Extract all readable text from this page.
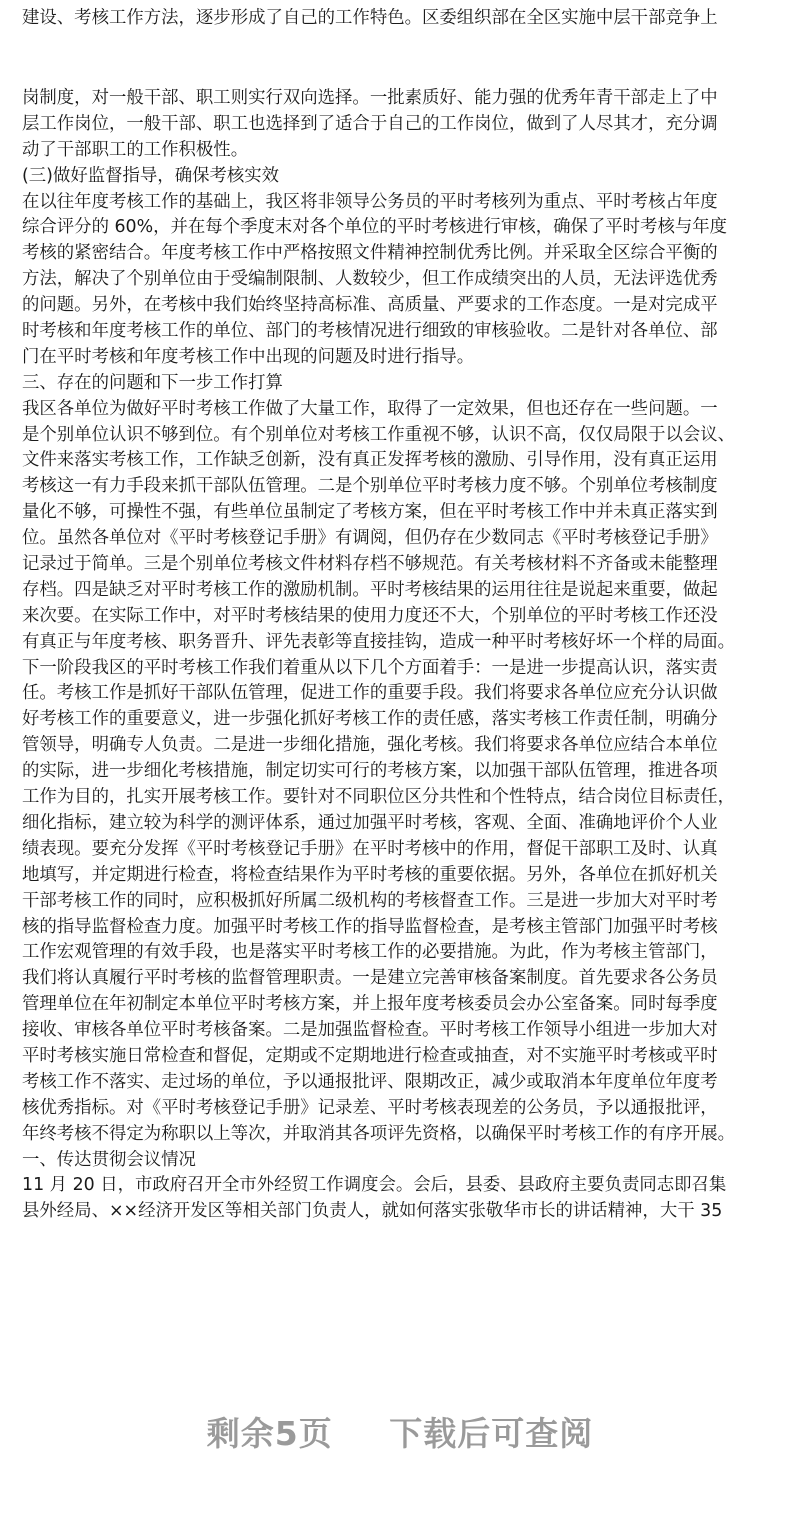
建设、考核工作方法，逐步形成了自己的工作特色。区委组织部在全区实施中层干部竞争上
岗制度，对一般干部、职工则实行双向选择。一批素质好、能力强的优秀年青干部走上了中
层工作岗位，一般干部、职工也选择到了适合于自己的工作岗位，做到了人尽其才，充分调
动了干部职工的工作积极性。
(三)做好监督指导，确保考核实效
在以往年度考核工作的基础上，我区将非领导公务员的平时考核列为重点、平时考核占年度
综合评分的 60%，并在每个季度末对各个单位的平时考核进行审核，确保了平时考核与年度
考核的紧密结合。年度考核工作中严格按照文件精神控制优秀比例。并采取全区综合平衡的
方法，解决了个别单位由于受编制限制、人数较少，但工作成绩突出的人员，无法评选优秀
的问题。另外，在考核中我们始终坚持高标准、高质量、严要求的工作态度。一是对完成平
时考核和年度考核工作的单位、部门的考核情况进行细致的审核验收。二是针对各单位、部
门在平时考核和年度考核工作中出现的问题及时进行指导。
三、存在的问题和下一步工作打算
我区各单位为做好平时考核工作做了大量工作，取得了一定效果，但也还存在一些问题。一
是个别单位认识不够到位。有个别单位对考核工作重视不够，认识不高，仅仅局限于以会议、
文件来落实考核工作，工作缺乏创新，没有真正发挥考核的激励、引导作用，没有真正运用
考核这一有力手段来抓干部队伍管理。二是个别单位平时考核力度不够。个别单位考核制度
量化不够，可操性不强，有些单位虽制定了考核方案，但在平时考核工作中并未真正落实到
位。虽然各单位对《平时考核登记手册》有调阅，但仍存在少数同志《平时考核登记手册》
记录过于简单。三是个别单位考核文件材料存档不够规范。有关考核材料不齐备或未能整理
存档。四是缺乏对平时考核工作的激励机制。平时考核结果的运用往往是说起来重要，做起
来次要。在实际工作中，对平时考核结果的使用力度还不大，个别单位的平时考核工作还没
有真正与年度考核、职务晋升、评先表彰等直接挂钩，造成一种平时考核好坏一个样的局面。
下一阶段我区的平时考核工作我们着重从以下几个方面着手：一是进一步提高认识，落实责
任。考核工作是抓好干部队伍管理，促进工作的重要手段。我们将要求各单位应充分认识做
好考核工作的重要意义，进一步强化抓好考核工作的责任感，落实考核工作责任制，明确分
管领导，明确专人负责。二是进一步细化措施，强化考核。我们将要求各单位应结合本单位
的实际，进一步细化考核措施，制定切实可行的考核方案，以加强干部队伍管理，推进各项
工作为目的，扎实开展考核工作。要针对不同职位区分共性和个性特点，结合岗位目标责任，
细化指标，建立较为科学的测评体系，通过加强平时考核，客观、全面、准确地评价个人业
绩表现。要充分发挥《平时考核登记手册》在平时考核中的作用，督促干部职工及时、认真
地填写，并定期进行检查，将检查结果作为平时考核的重要依据。另外，各单位在抓好机关
干部考核工作的同时，应积极抓好所属二级机构的考核督查工作。三是进一步加大对平时考
核的指导监督检查力度。加强平时考核工作的指导监督检查，是考核主管部门加强平时考核
工作宏观管理的有效手段，也是落实平时考核工作的必要措施。为此，作为考核主管部门，
我们将认真履行平时考核的监督管理职责。一是建立完善审核备案制度。首先要求各公务员
管理单位在年初制定本单位平时考核方案，并上报年度考核委员会办公室备案。同时每季度
接收、审核各单位平时考核备案。二是加强监督检查。平时考核工作领导小组进一步加大对
平时考核实施日常检查和督促，定期或不定期地进行检查或抽查，对不实施平时考核或平时
考核工作不落实、走过场的单位，予以通报批评、限期改正，减少或取消本年度单位年度考
核优秀指标。对《平时考核登记手册》记录差、平时考核表现差的公务员，予以通报批评，
年终考核不得定为称职以上等次，并取消其各项评先资格，以确保平时考核工作的有序开展。
一、传达贯彻会议情况
11 月 20 日，市政府召开全市外经贸工作调度会。会后，县委、县政府主要负责同志即召集
县外经局、××经济开发区等相关部门负责人，就如何落实张敬华市长的讲话精神，大干 35
剩余5页 下载后可查阅
